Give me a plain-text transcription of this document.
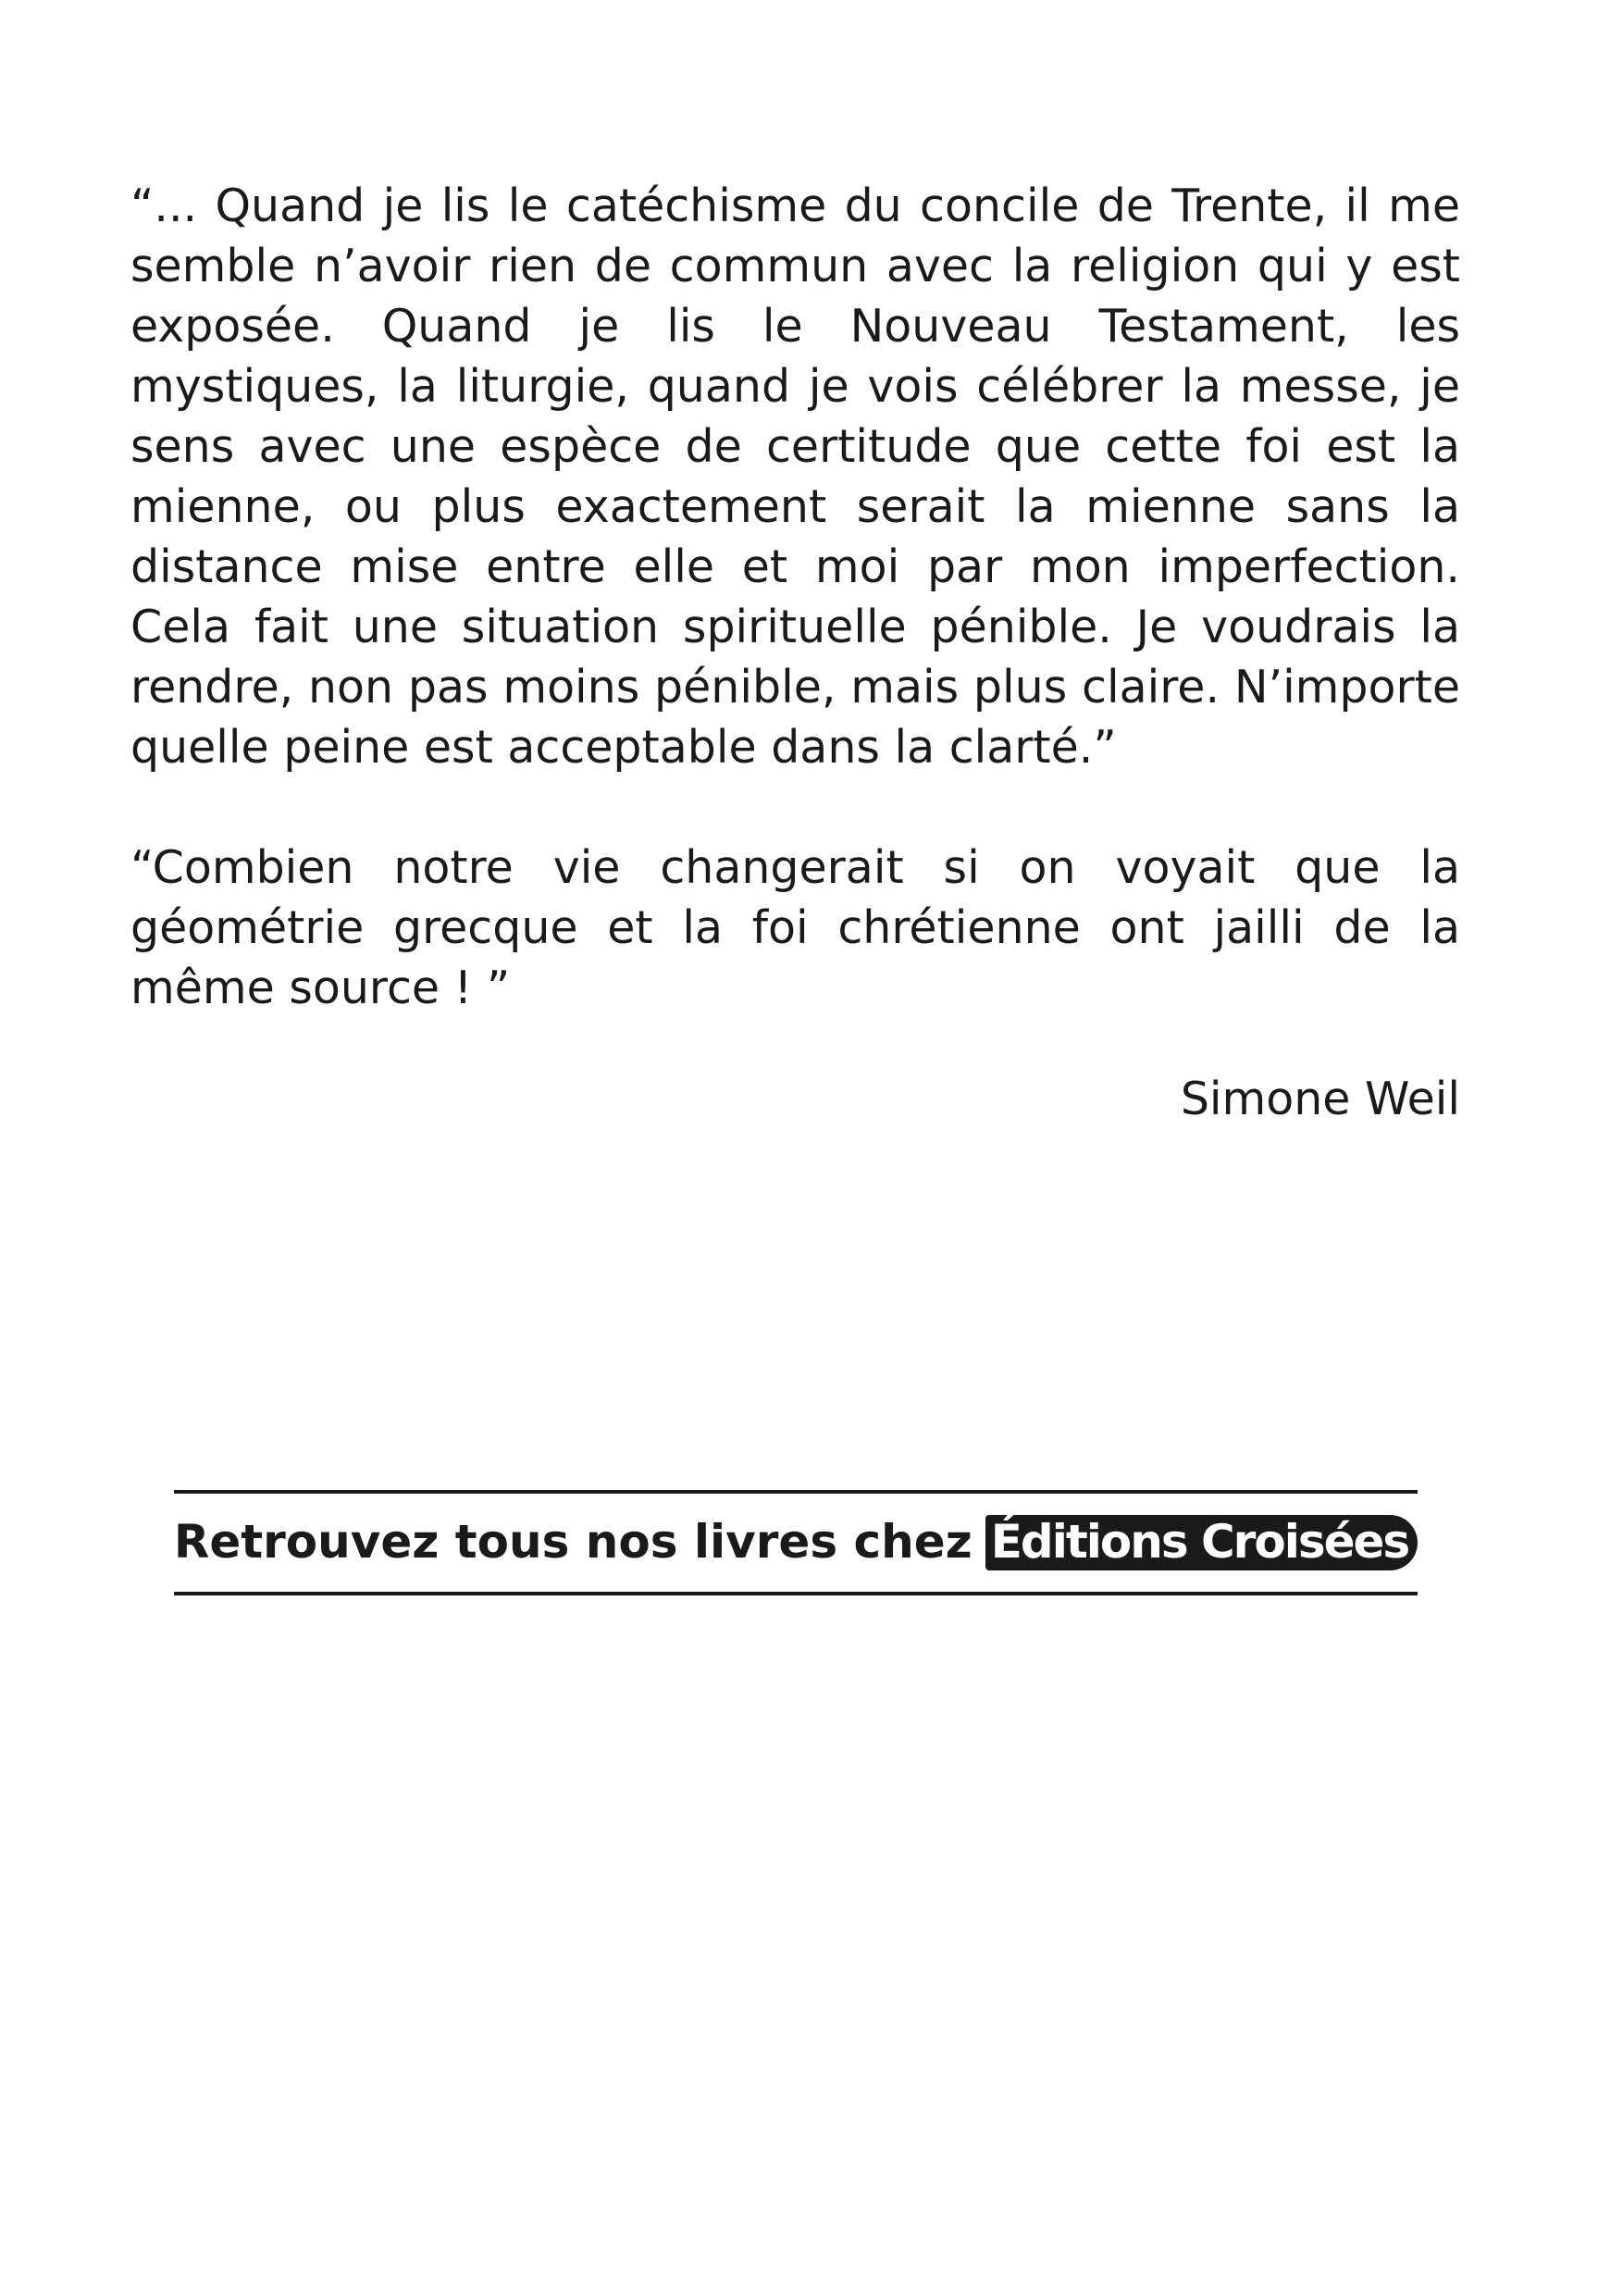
“... Quand je lis le catéchisme du concile de Trente, il me semble n’avoir rien de commun avec la religion qui y est exposée. Quand je lis le Nouveau Testament, les mystiques, la liturgie, quand je vois célébrer la messe, je sens avec une espèce de certitude que cette foi est la mienne, ou plus exactement serait la mienne sans la distance mise entre elle et moi par mon imperfection. Cela fait une situation spirituelle pénible. Je voudrais la rendre, non pas moins pénible, mais plus claire. N’importe quelle peine est acceptable dans la clarté.”

“Combien notre vie changerait si on voyait que la géométrie grecque et la foi chrétienne ont jailli de la même source ! ”

Simone Weil

Retrouvez tous nos livres chez Éditions Croisées
